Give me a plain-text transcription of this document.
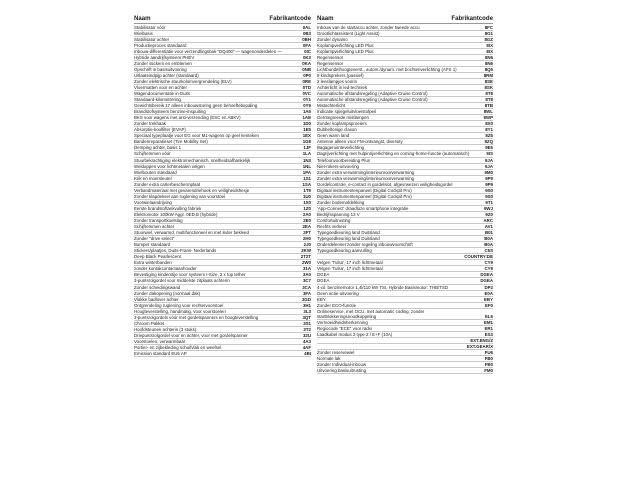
Naam	Fabrikantcode
Stabilisator vóór	0AL
Wielbasis	0B3
Stabilisator achter	0BH
Productieproces standaard	0FA
Inbouw-differentiatie voor verzendlingsbak "DQ400" — wagenonderdelen —	0IC
Hybride aandrijfsysteem PHEV	0K3
Zonder stickers en emblemen	0KA
Opschrift in basisuitvoering	0NB
Uitlaateindpijp achter (standaard)	0P0
Zonder elektrische stuurkolomvergrendeling (ELV)	0RE
Vloermatten voor en achter	0TD
Wagendocumentatie in Duits	0VC
Standaard-kilometrering	0Y1
Gewichtsbereik 17 alleen inbouwsturing geen behoeftebepaling	0Y5
Brandstofsysteem benzine-inspuiting	1A5
BKS voor wagens met anti-verzending (ESC en ABKV)	1AE
Zonder trekhaak	1D0
Absorptie-koolfilter (EVAP)	1E5
Speciaal typeplaatje voor EG voor M1-wagens op geel kenteken	1EX
Bandenreparatieset (Tire Mobility Set)	1G8
Demping achter, basis 1	1JF
Schijfremmen vóór	1LA
Stuurbekrachtiging elektromechanisch, snelheidsafhankelijk	1N3
Weldoppen voor lichtmetalen velgen	1NL
Wielbouten standaard	1PA
Krik en moersleutel	1S1
Zonder extra carterbeschermplaat	1SA
Verbandmateriaal met gevarendriehoek en veiligheidshesje	1T9
Zonder klapdeksel aan ruglening van voorstoel	1U0
Voorwielaandrijving	1X0
Eerste brandstoftankvulling fabriek	1Z0
Elektromotor 100kW Aggr. 0ED,B (hybride)	2A0
Zonder transportkoelslag	2E0
Schijfremmen achter	2EA
Stuurwiel, verwarmd, multifunctioneel en met leder bekleed	2FT
Zonder "drive select"	2H0
Bumper standaard	2J0
Stickers/plaatjes, Duits-Frans- Nederlands	2KW
Deep Black Pearlescent	2T2T
Extra winterbanden	2W0
zonder kontakcontactaanhouder	31A
Bevestiging kinderstije voor systeem I-Size, 2 x top tether	3A0
3-puntsrolgordel voor middelste zitplaats achterin	3C7
Zonder scheidingswand	3CA
Zonder dakopening (normaal dak)	3FA
Vlakke badlover achter	3GD
Ontgrendeling ruglening voor rechtervoorstoel	3H1
Hoogteverstelling, handmatig, voor voorstoelen	3L3
3-puntsrolgordels vóór met gordelspanners en hoogteverstelling	3QT
Chroom Pakket	3S1
Hoofdsteunen achterin (3 stuks)	3T2
Driepuntsrolgordel voor en achter, voor met gordelspanner	32U
Voorstoelen, verwarmbaar	4A3
Portier- en zijbekleding schuifvlak en weefsel	4AF
Emission standard EU6 AP	4BI
Naam	Fabrikantcode
Inbouw van de startaccu achter, zonder tweede accu	8FC
Grootlichtassistent (Light Assist)	8G1
Zonder dynamo	8GZ
Koplampverlichting LED Plus	8IX
Koplampverlichting LED Plus	8IX
Regensensor	8N6
Regensensor	8N6
Lichtbundelhoogteverst., autom./dynam. met bochtenverlichting (AFS 1)	8Q5
8 kindsprekers (passief)	8RM
2 leeslampjes voorin	8SE
Achterlicht in led-techniek	8SK
Automatische afstandsregeling (Adaptive Cruise Control)	8T8
Automatische afstandsregeling (Adaptive Cruise Control)	8T8
Mistachterlicht	8TB
Indicatie spiegeluitvloeistofpeil	8WL
Geïntegreerde mistlampen	8WP
Zonder koplampsproeiers	8X0
Dubbeltonige claxon	8Y1
Geen warm land	8Z5
Antenne alleen voor FM-ontvangst, diversity	8ZQ
Bagageruimteverlichting	9E5
Dagrijverlichting met hulpinrijverlichting en coming-home-functie (automatisch)	9IS
Telefoonvoorbereiding Plus	9JA
Niet-rokers-uitvoering	9JA
Zonder extra verwarming/interieurvoorverwarming	9M0
Zonder extra verwarming/interieurvoorverwarming	9P9
Gordelcontrole, e-contact in gordelslot, afgevrwezen veiligheidsgordel	9P9
Digitaal instrumentenpaneel (Digital Cockpit Pro)	9S0
Digitaal instrumentenpaneel (Digital Cockpit Pro)	9S0
Zonder bodemafdekking	9T1
'App-Connect' draadloze smartphone integratie	9WJ
Bedrijfsspanning 12 V	9Z0
Comfortuitrusting	ARC
Rechts verkeer	AV1
Typegoedkeuring land Duitsland	B01
Typegoedkeuring land Duitsland	B0A
Onderdelenset zonder regeling inbouwvoorschrift	B0A
Typegoedkeuring aanvulling	C5S
COUNTRY:DE
Velgen 'Tulsa', 17 inch lichtmetaal	CY9
Velgen 'Tulsa', 17 inch lichtmetaal	CY9
DGEA	DGEA
DGEA	DGEA
4-cil. benzinemotor 1,4l/110 kW TSI, Hybride Basismotor: THB/TSD	DP2
Geen actie-uitvoering	E0A
EBY	EBY
Zonder ECO-functie	EF0
Onlineservice, met OCU, met automatic coding, zonder startblokkeringsnoodkoppeling	EL5
Vermoeidheidsherkenning	EM1
Regiocode "ECE" voor radio	ER1
Laadkabel modus 2 type 2 / E+F (10A)	ES3
EXT.ENG/Z
EXT.GEAR/X
Zonder reservewiel	FU6
Normale lak	FB0
Zonder Individual-inbouw	FB0
Uitvoering basisuitrusting	FM0
